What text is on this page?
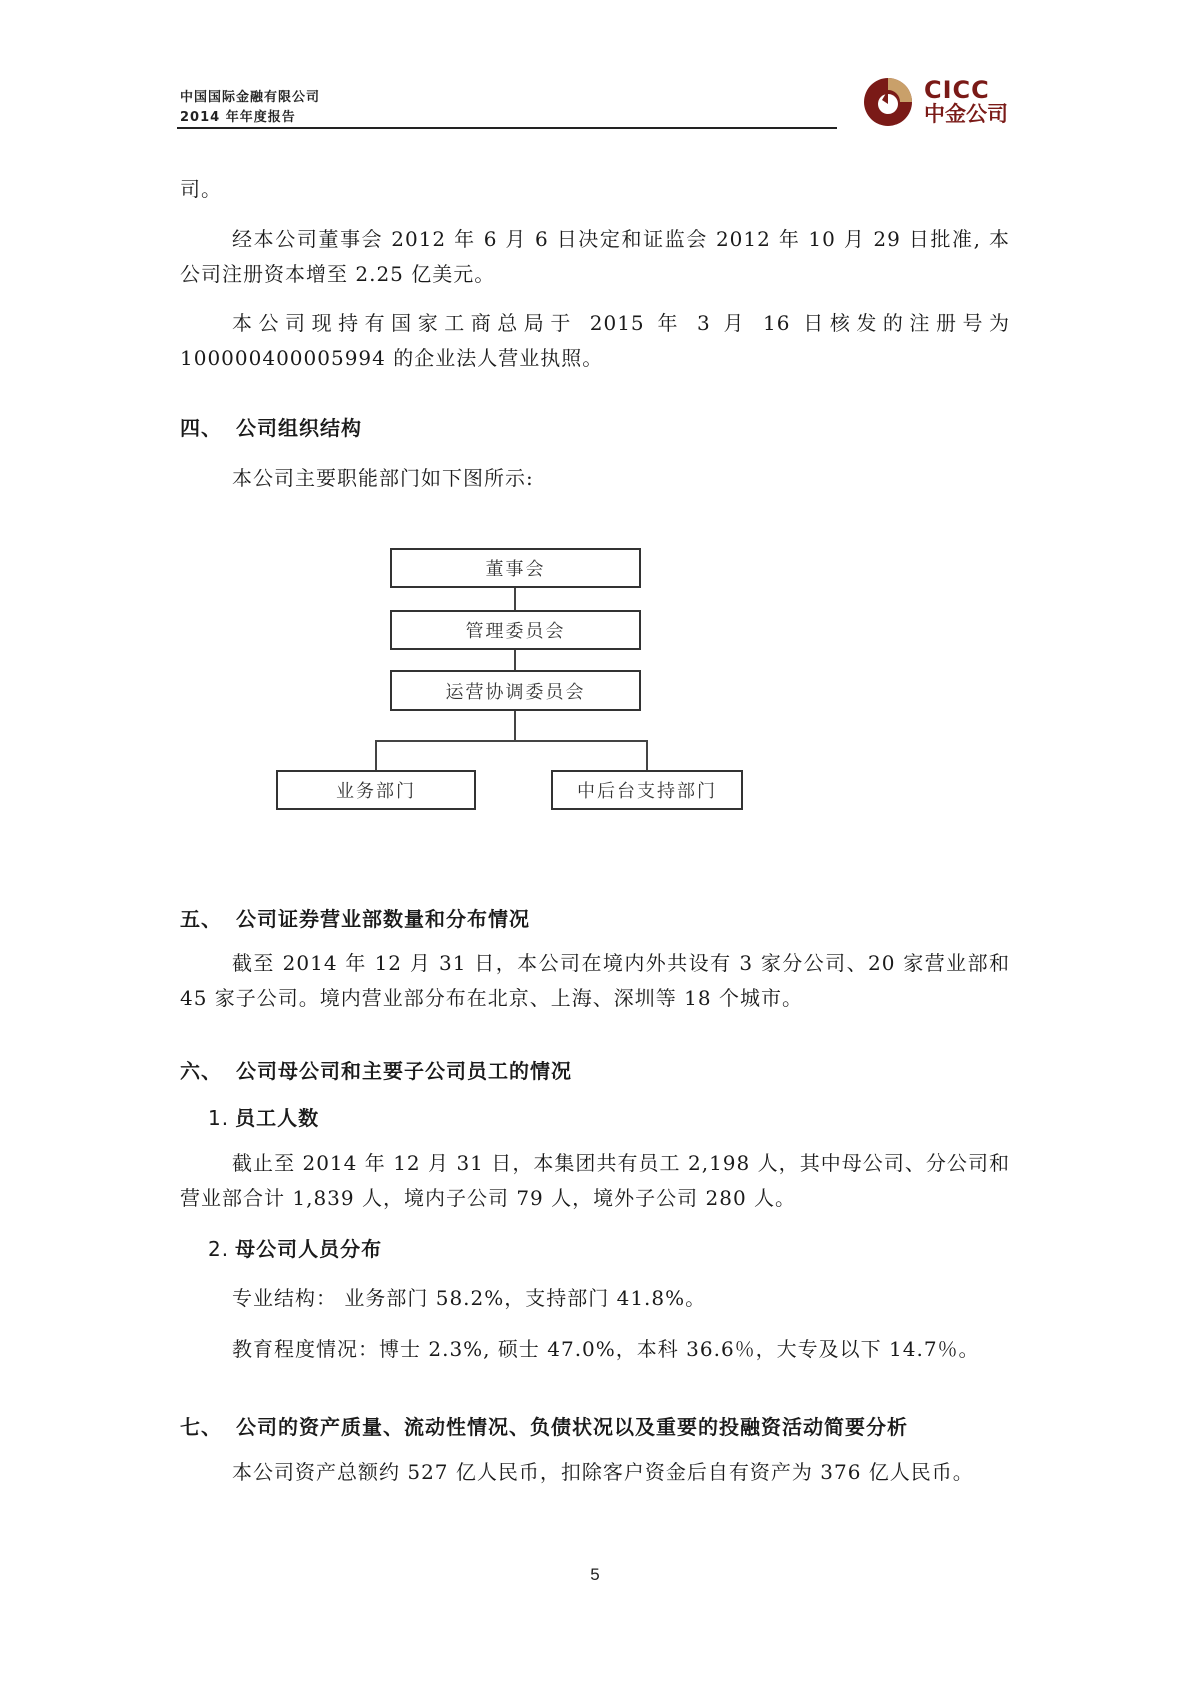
中国国际金融有限公司
2014 年年度报告
CICC
中金公司
司。
经本公司董事会 2012 年 6 月 6 日决定和证监会 2012 年 10 月 29 日批准, 本公司注册资本增至 2.25 亿美元。
本公司现持有国家工商总局于 2015 年 3 月 16 日核发的注册号为 100000400005994 的企业法人营业执照。
四、 公司组织结构
本公司主要职能部门如下图所示:
董事会
管理委员会
运营协调委员会
业务部门	中后台支持部门
五、 公司证券营业部数量和分布情况
截至 2014 年 12 月 31 日，本公司在境内外共设有 3 家分公司、20 家营业部和 45 家子公司。境内营业部分布在北京、上海、深圳等 18 个城市。
六、 公司母公司和主要子公司员工的情况
1. 员工人数
截止至 2014 年 12 月 31 日，本集团共有员工 2,198 人，其中母公司、分公司和营业部合计 1,839 人，境内子公司 79 人，境外子公司 280 人。
2. 母公司人员分布
专业结构： 业务部门 58.2%，支持部门 41.8%。
教育程度情况：博士 2.3%, 硕士 47.0%，本科 36.6％，大专及以下 14.7％。
七、 公司的资产质量、流动性情况、负债状况以及重要的投融资活动简要分析
本公司资产总额约 527 亿人民币，扣除客户资金后自有资产为 376 亿人民币。
5
